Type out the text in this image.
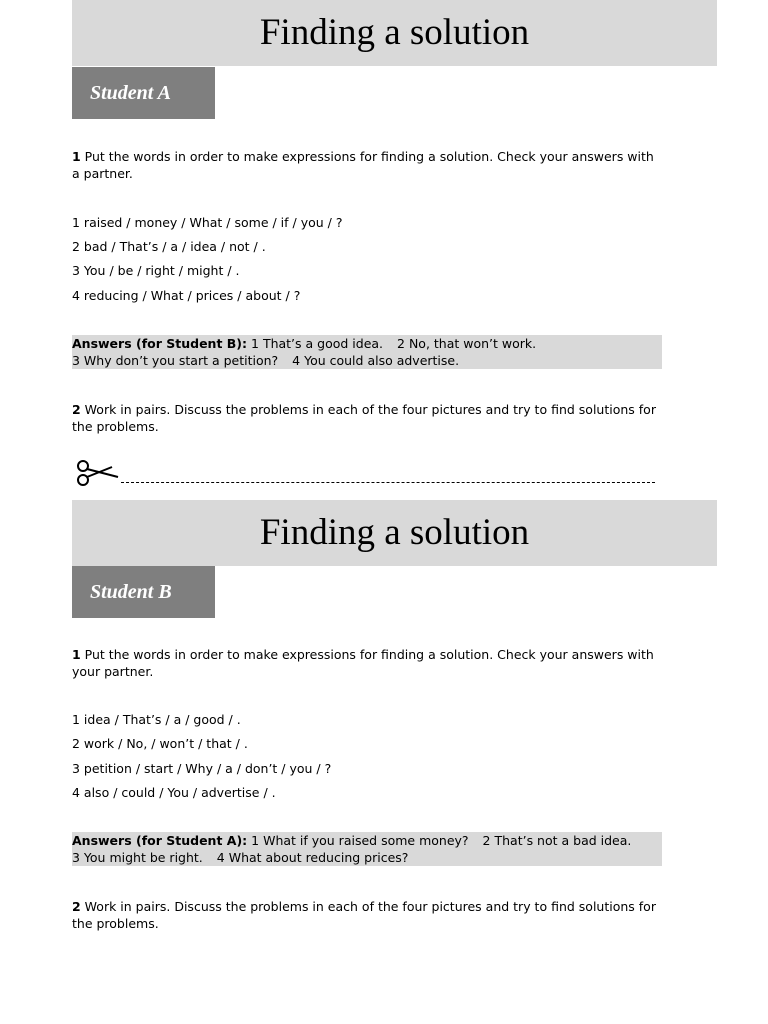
Finding a solution
Student A
1 Put the words in order to make expressions for finding a solution. Check your answers with a partner.
1 raised / money / What / some / if / you / ?
2 bad / That’s / a / idea / not / .
3 You / be / right / might / .
4 reducing / What / prices / about / ?
Answers (for Student B): 1 That’s a good idea. 2 No, that won’t work.
3 Why don’t you start a petition? 4 You could also advertise.
2 Work in pairs. Discuss the problems in each of the four pictures and try to find solutions for the problems.
Finding a solution
Student B
1 Put the words in order to make expressions for finding a solution. Check your answers with your partner.
1 idea / That’s / a / good / .
2 work / No, / won’t / that / .
3 petition / start / Why / a / don’t / you / ?
4 also / could / You / advertise / .
Answers (for Student A): 1 What if you raised some money? 2 That’s not a bad idea.
3 You might be right. 4 What about reducing prices?
2 Work in pairs. Discuss the problems in each of the four pictures and try to find solutions for the problems.
